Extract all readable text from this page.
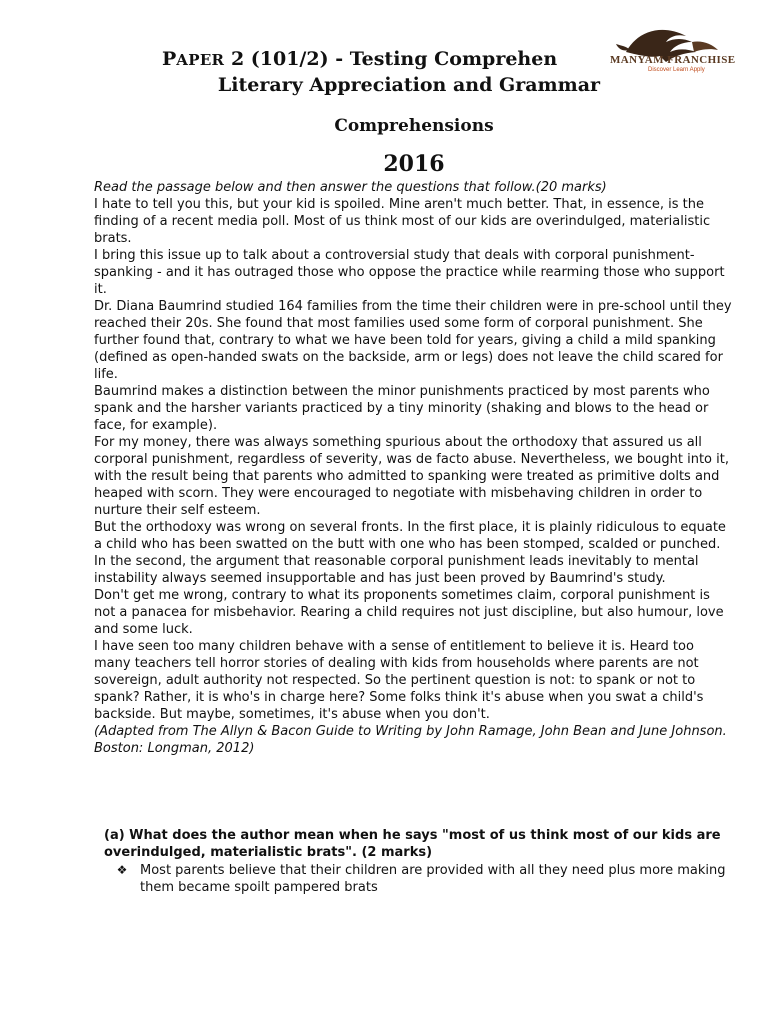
PAPER 2 (101/2) - Testing Comprehen	MANYAM FRANCHISE
Discover Learn Apply
Literary Appreciation and Grammar
Comprehensions
2016

Read the passage below and then answer the questions that follow.(20 marks)

I hate to tell you this, but your kid is spoiled. Mine aren't much better. That, in essence, is the finding of a recent media poll. Most of us think most of our kids are overindulged, materialistic brats.

I bring this issue up to talk about a controversial study that deals with corporal punishment-spanking - and it has outraged those who oppose the practice while rearming those who support it.

Dr. Diana Baumrind studied 164 families from the time their children were in pre-school until they reached their 20s. She found that most families used some form of corporal punishment. She further found that, contrary to what we have been told for years, giving a child a mild spanking (defined as open-handed swats on the backside, arm or legs) does not leave the child scared for life.

Baumrind makes a distinction between the minor punishments practiced by most parents who spank and the harsher variants practiced by a tiny minority (shaking and blows to the head or face, for example).

For my money, there was always something spurious about the orthodoxy that assured us all corporal punishment, regardless of severity, was de facto abuse. Nevertheless, we bought into it, with the result being that parents who admitted to spanking were treated as primitive dolts and heaped with scorn. They were encouraged to negotiate with misbehaving children in order to nurture their self esteem.

But the orthodoxy was wrong on several fronts. In the first place, it is plainly ridiculous to equate a child who has been swatted on the butt with one who has been stomped, scalded or punched. In the second, the argument that reasonable corporal punishment leads inevitably to mental instability always seemed insupportable and has just been proved by Baumrind's study.

Don't get me wrong, contrary to what its proponents sometimes claim, corporal punishment is not a panacea for misbehavior. Rearing a child requires not just discipline, but also humour, love and some luck.

I have seen too many children behave with a sense of entitlement to believe it is. Heard too many teachers tell horror stories of dealing with kids from households where parents are not sovereign, adult authority not respected. So the pertinent question is not: to spank or not to spank? Rather, it is who's in charge here? Some folks think it's abuse when you swat a child's backside. But maybe, sometimes, it's abuse when you don't.

(Adapted from The Allyn & Bacon Guide to Writing by John Ramage, John Bean and June Johnson. Boston: Longman, 2012)

(a) What does the author mean when he says "most of us think most of our kids are overindulged, materialistic brats". (2 marks)

❖ Most parents believe that their children are provided with all they need plus more making them became spoilt pampered brats
